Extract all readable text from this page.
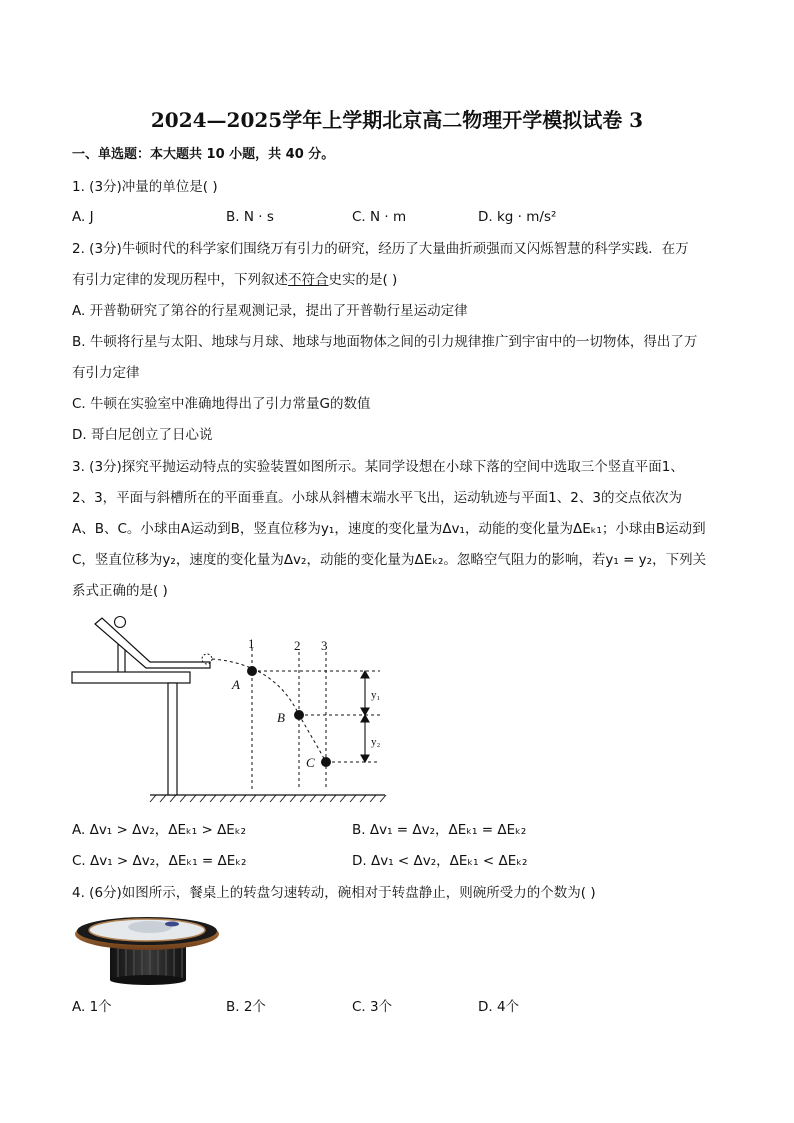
2024—2025学年上学期北京高二物理开学模拟试卷 3
一、单选题：本大题共 10 小题，共 40 分。
1. (3分)冲量的单位是( )
A. J	B. N · s	C. N · m	D. kg · m/s²
2. (3分)牛顿时代的科学家们围绕万有引力的研究，经历了大量曲折顽强而又闪烁智慧的科学实践．在万
有引力定律的发现历程中，下列叙述不符合史实的是( )
A. 开普勒研究了第谷的行星观测记录，提出了开普勒行星运动定律
B. 牛顿将行星与太阳、地球与月球、地球与地面物体之间的引力规律推广到宇宙中的一切物体，得出了万
有引力定律
C. 牛顿在实验室中准确地得出了引力常量G的数值
D. 哥白尼创立了日心说
3. (3分)探究平抛运动特点的实验装置如图所示。某同学设想在小球下落的空间中选取三个竖直平面1、
2、3，平面与斜槽所在的平面垂直。小球从斜槽末端水平飞出，运动轨迹与平面1、2、3的交点依次为
A、B、C。小球由A运动到B，竖直位移为y₁，速度的变化量为Δv₁，动能的变化量为ΔEₖ₁；小球由B运动到
C，竖直位移为y₂，速度的变化量为Δv₂，动能的变化量为ΔEₖ₂。忽略空气阻力的影响，若y₁ = y₂，下列关
系式正确的是( )
1	2 3
A
B
C
y₁
y₂
A. Δv₁ > Δv₂，ΔEₖ₁ > ΔEₖ₂	B. Δv₁ = Δv₂，ΔEₖ₁ = ΔEₖ₂
C. Δv₁ > Δv₂，ΔEₖ₁ = ΔEₖ₂	D. Δv₁ < Δv₂，ΔEₖ₁ < ΔEₖ₂
4. (6分)如图所示，餐桌上的转盘匀速转动，碗相对于转盘静止，则碗所受力的个数为( )
A. 1个	B. 2个	C. 3个	D. 4个
